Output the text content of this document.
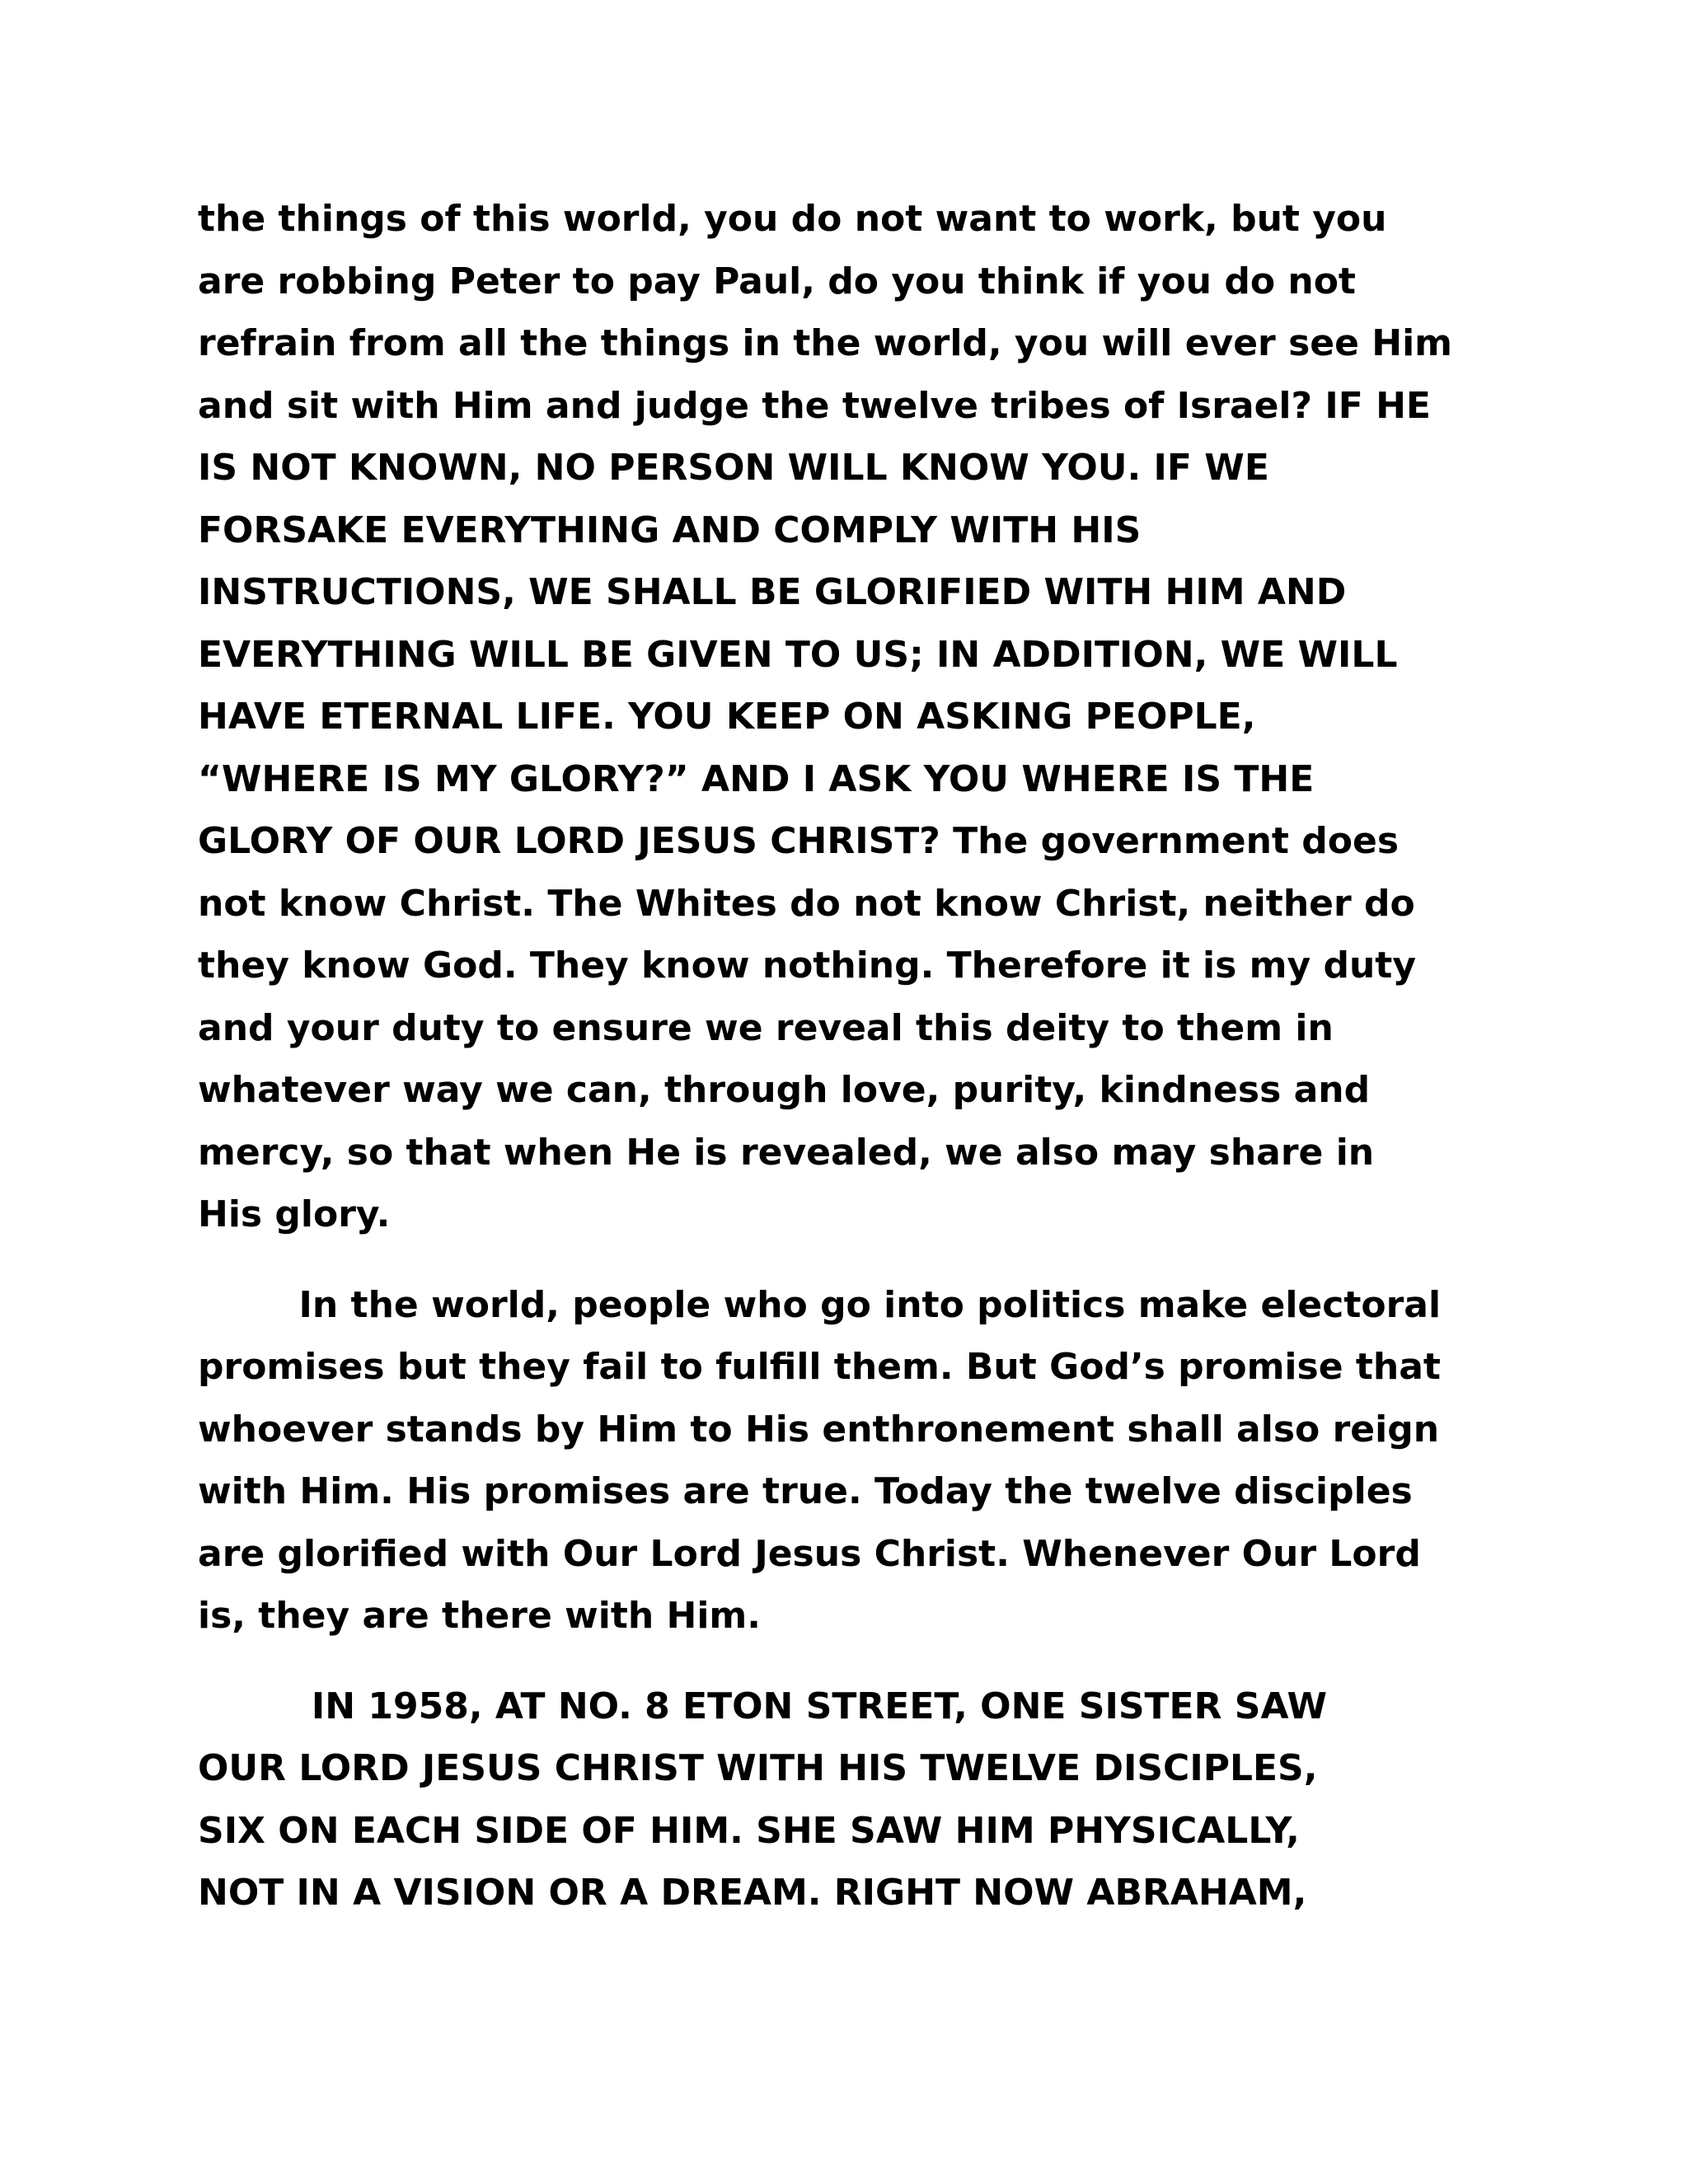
the things of this world, you do not want to work, but you
are robbing Peter to pay Paul, do you think if you do not
refrain from all the things in the world, you will ever see Him
and sit with Him and judge the twelve tribes of Israel? IF HE
IS NOT KNOWN, NO PERSON WILL KNOW YOU. IF WE
FORSAKE EVERYTHING AND COMPLY WITH HIS
INSTRUCTIONS, WE SHALL BE GLORIFIED WITH HIM AND
EVERYTHING WILL BE GIVEN TO US; IN ADDITION, WE WILL
HAVE ETERNAL LIFE. YOU KEEP ON ASKING PEOPLE,
“WHERE IS MY GLORY?” AND I ASK YOU WHERE IS THE
GLORY OF OUR LORD JESUS CHRIST? The government does
not know Christ. The Whites do not know Christ, neither do
they know God. They know nothing. Therefore it is my duty
and your duty to ensure we reveal this deity to them in
whatever way we can, through love, purity, kindness and
mercy, so that when He is revealed, we also may share in
His glory.
In the world, people who go into politics make electoral
promises but they fail to fulfill them. But God’s promise that
whoever stands by Him to His enthronement shall also reign
with Him. His promises are true. Today the twelve disciples
are glorified with Our Lord Jesus Christ. Whenever Our Lord
is, they are there with Him.
IN 1958, AT NO. 8 ETON STREET, ONE SISTER SAW
OUR LORD JESUS CHRIST WITH HIS TWELVE DISCIPLES,
SIX ON EACH SIDE OF HIM. SHE SAW HIM PHYSICALLY,
NOT IN A VISION OR A DREAM. RIGHT NOW ABRAHAM,
